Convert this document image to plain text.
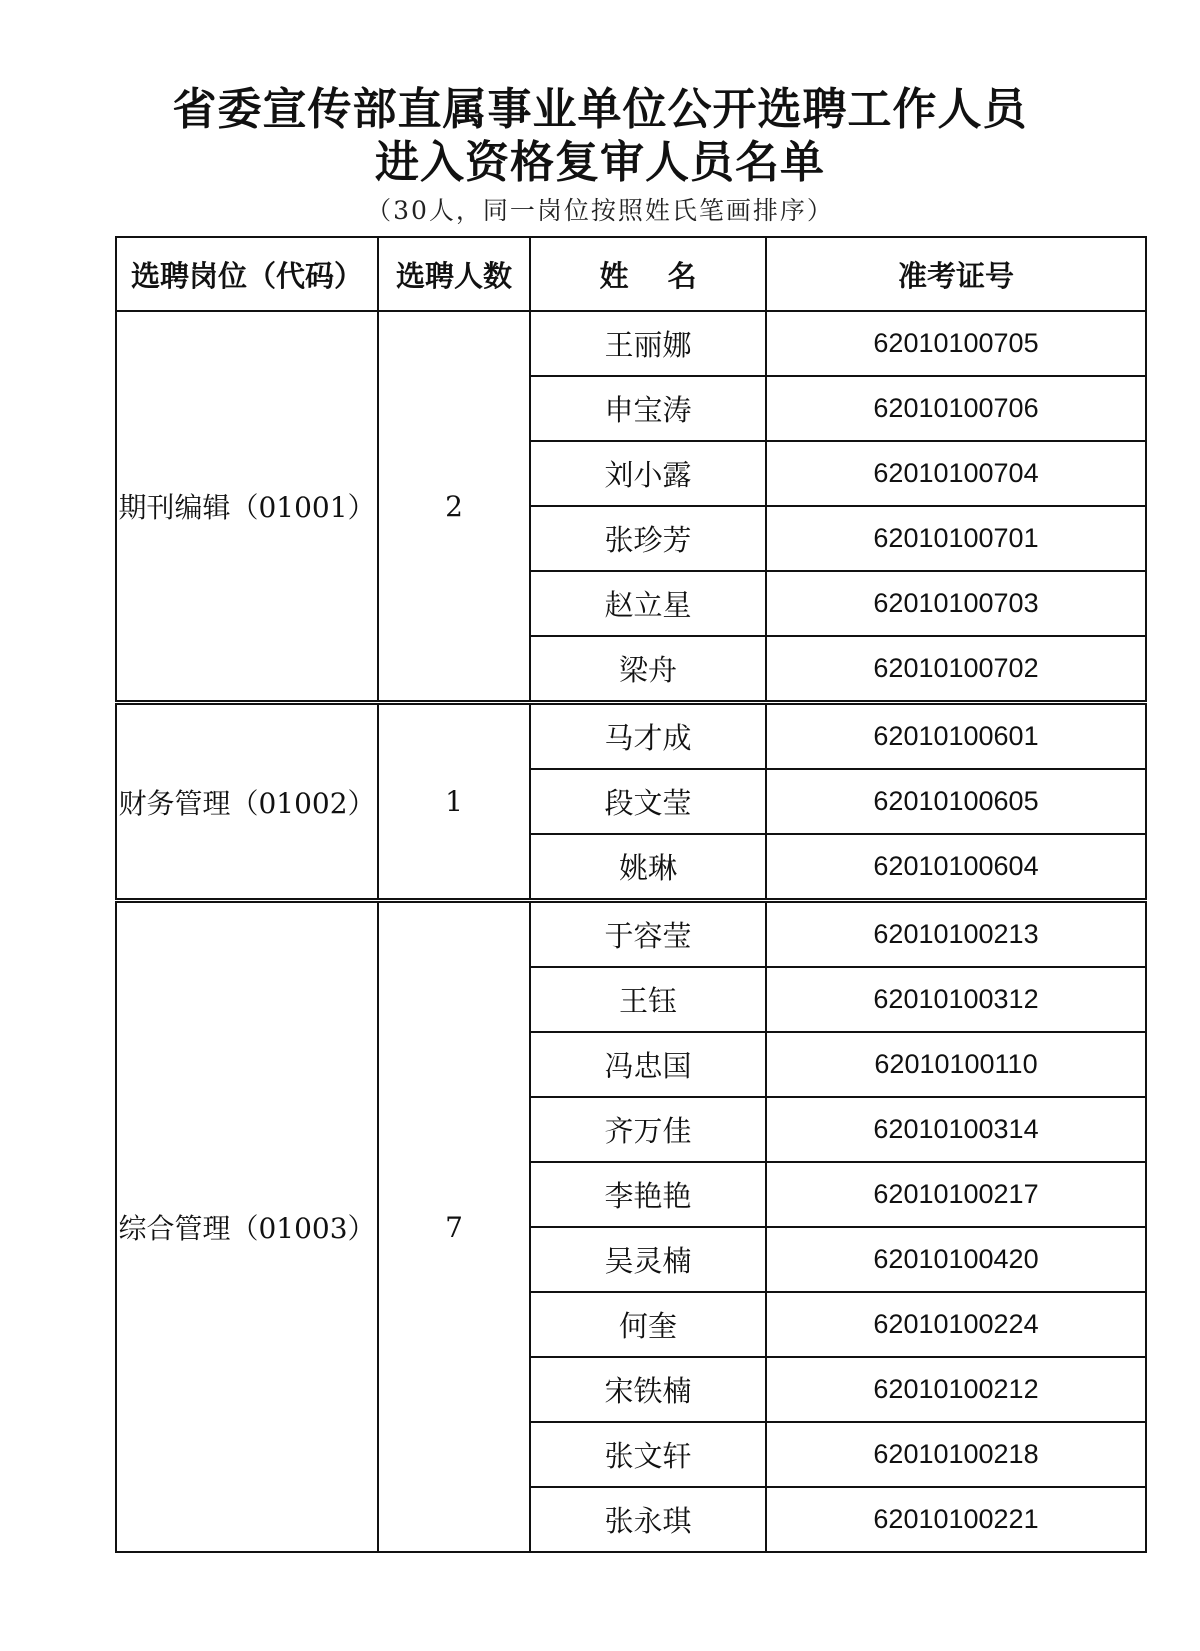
省委宣传部直属事业单位公开选聘工作人员
进入资格复审人员名单
（30人，同一岗位按照姓氏笔画排序）
选聘岗位（代码）	选聘人数	姓　 名	准考证号
期刊编辑（01001）	2	王丽娜	62010100705
		申宝涛	62010100706
		刘小露	62010100704
		张珍芳	62010100701
		赵立星	62010100703
		梁舟	62010100702
财务管理（01002）	1	马才成	62010100601
		段文莹	62010100605
		姚琳	62010100604
综合管理（01003）	7	于容莹	62010100213
		王钰	62010100312
		冯忠国	62010100110
		齐万佳	62010100314
		李艳艳	62010100217
		吴灵楠	62010100420
		何奎	62010100224
		宋铁楠	62010100212
		张文轩	62010100218
		张永琪	62010100221
